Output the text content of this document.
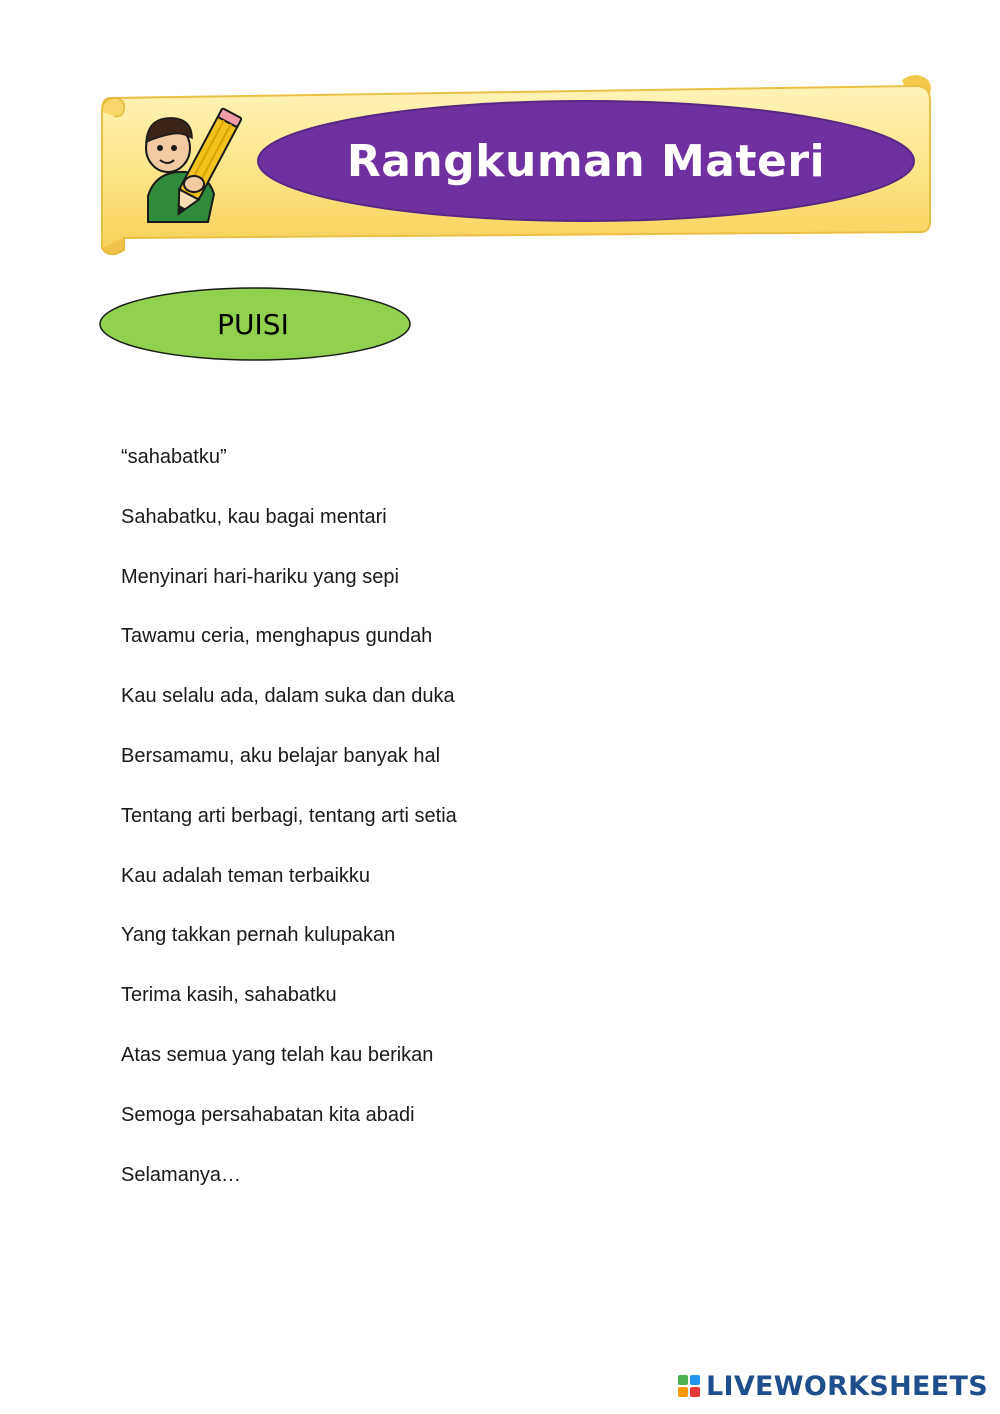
Rangkuman Materi
PUISI
“sahabatku”
Sahabatku, kau bagai mentari
Menyinari hari-hariku yang sepi
Tawamu ceria, menghapus gundah
Kau selalu ada, dalam suka dan duka
Bersamamu, aku belajar banyak hal
Tentang arti berbagi, tentang arti setia
Kau adalah teman terbaikku
Yang takkan pernah kulupakan
Terima kasih, sahabatku
Atas semua yang telah kau berikan
Semoga persahabatan kita abadi
Selamanya…
LIVEWORKSHEETS
